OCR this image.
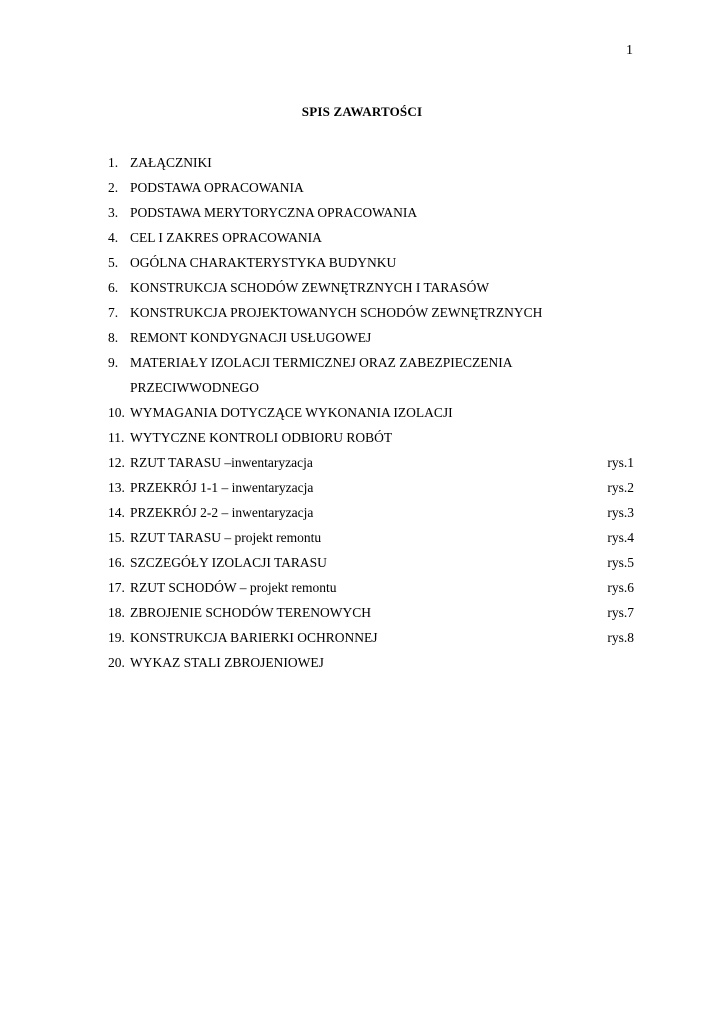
1
SPIS ZAWARTOŚCI
1. ZAŁĄCZNIKI
2. PODSTAWA OPRACOWANIA
3. PODSTAWA MERYTORYCZNA OPRACOWANIA
4. CEL I ZAKRES OPRACOWANIA
5. OGÓLNA CHARAKTERYSTYKA BUDYNKU
6. KONSTRUKCJA SCHODÓW ZEWNĘTRZNYCH I TARASÓW
7. KONSTRUKCJA PROJEKTOWANYCH SCHODÓW ZEWNĘTRZNYCH
8. REMONT KONDYGNACJI USŁUGOWEJ
9. MATERIAŁY IZOLACJI TERMICZNEJ ORAZ ZABEZPIECZENIA
PRZECIWWODNEGO
10. WYMAGANIA DOTYCZĄCE WYKONANIA IZOLACJI
11. WYTYCZNE KONTROLI ODBIORU ROBÓT
12. RZUT TARASU –inwentaryzacja	rys.1
13. PRZEKRÓJ 1-1 – inwentaryzacja	rys.2
14. PRZEKRÓJ 2-2 – inwentaryzacja	rys.3
15. RZUT TARASU – projekt remontu	rys.4
16. SZCZEGÓŁY IZOLACJI TARASU	rys.5
17. RZUT SCHODÓW – projekt remontu	rys.6
18. ZBROJENIE SCHODÓW TERENOWYCH	rys.7
19. KONSTRUKCJA BARIERKI OCHRONNEJ	rys.8
20. WYKAZ STALI ZBROJENIOWEJ
